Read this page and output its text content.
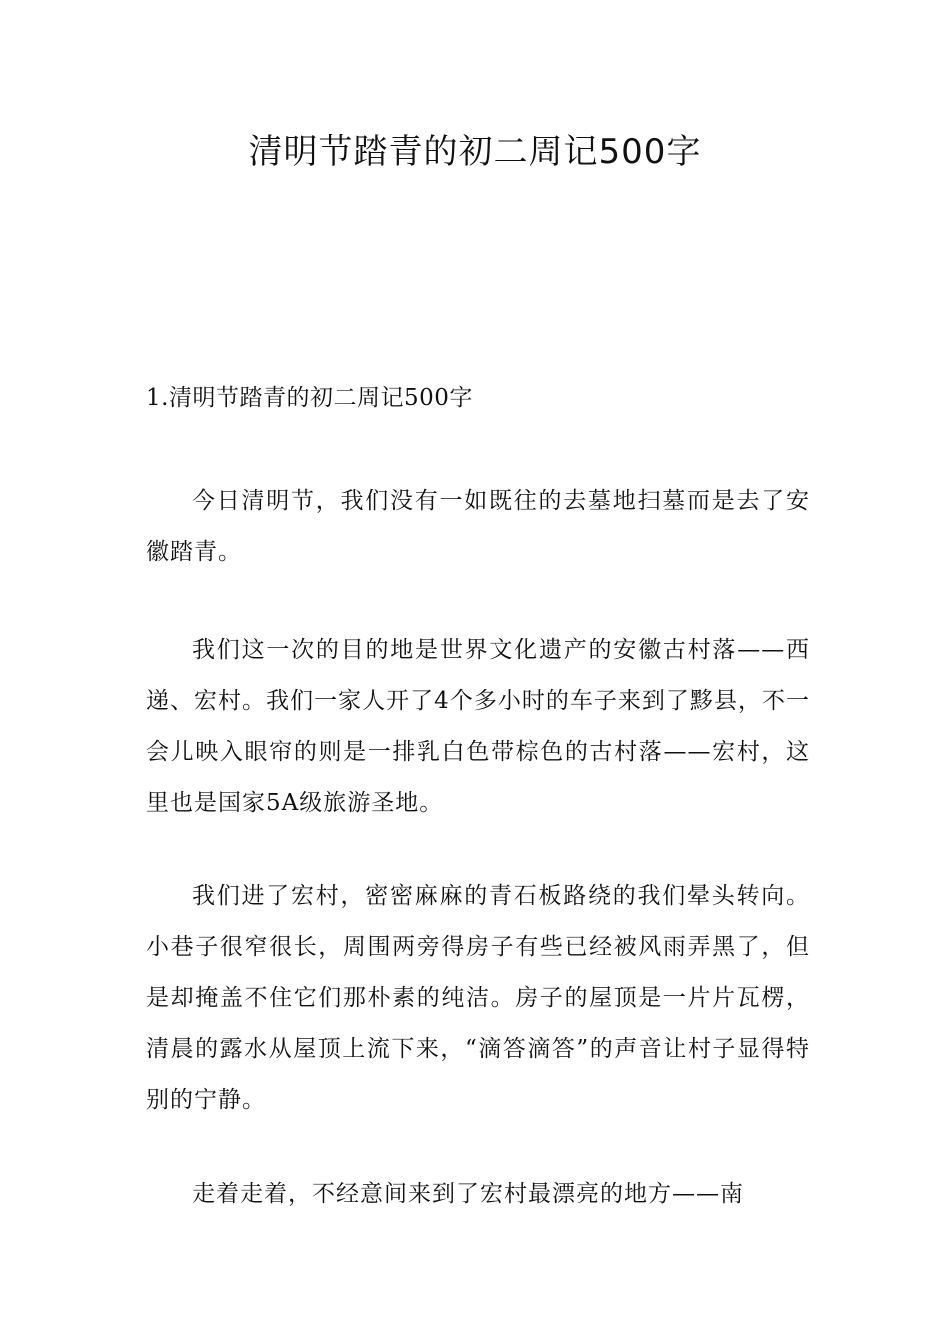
清明节踏青的初二周记500字
1.清明节踏青的初二周记500字

今日清明节，我们没有一如既往的去墓地扫墓而是去了安徽踏青。

我们这一次的目的地是世界文化遗产的安徽古村落——西递、宏村。我们一家人开了4个多小时的车子来到了黟县，不一会儿映入眼帘的则是一排乳白色带棕色的古村落——宏村，这里也是国家5A级旅游圣地。

我们进了宏村，密密麻麻的青石板路绕的我们晕头转向。小巷子很窄很长，周围两旁得房子有些已经被风雨弄黑了，但是却掩盖不住它们那朴素的纯洁。房子的屋顶是一片片瓦楞，清晨的露水从屋顶上流下来，“滴答滴答”的声音让村子显得特别的宁静。

走着走着，不经意间来到了宏村最漂亮的地方——南
